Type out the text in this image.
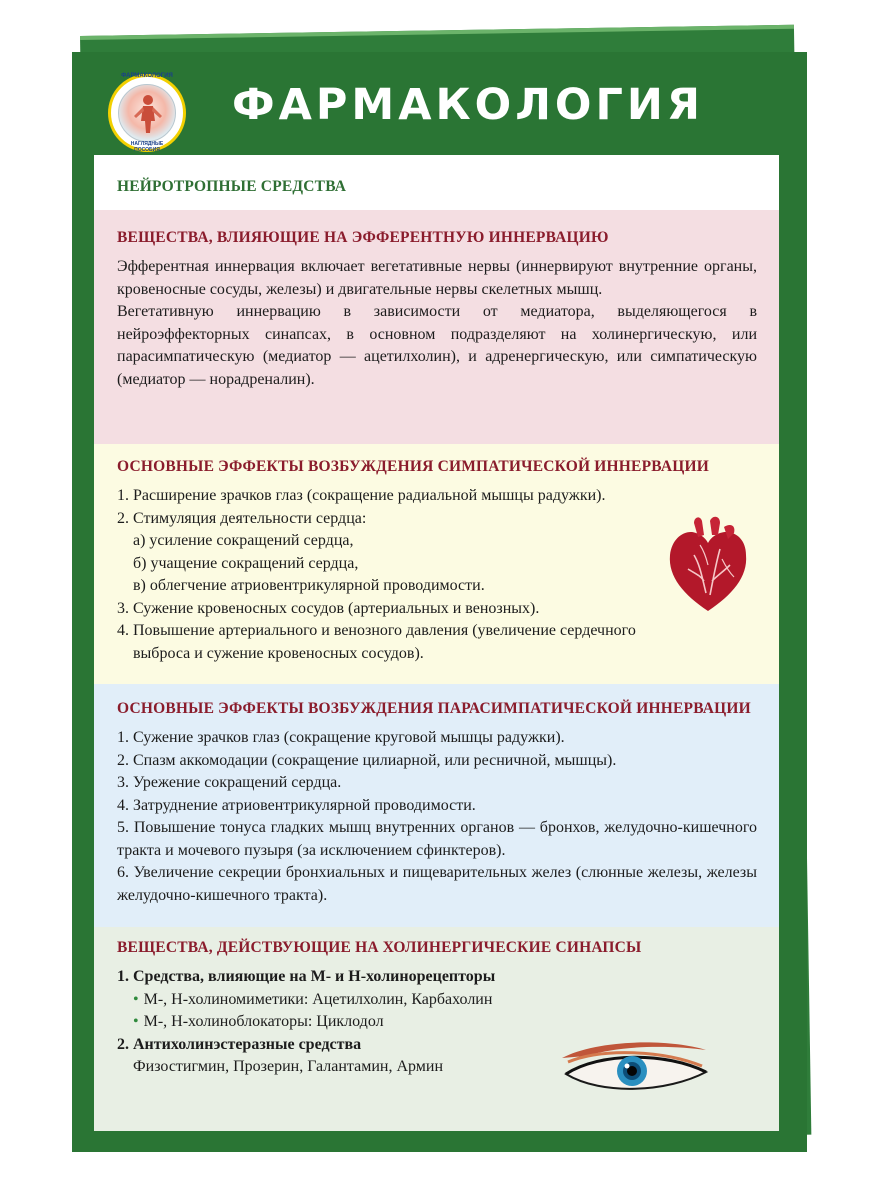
ФАРМАКОЛОГИЯ
НАГЛЯДНЫЕ ПОСОБИЯ
ФАРМАКОЛОГИЯ
НЕЙРОТРОПНЫЕ СРЕДСТВА
ВЕЩЕСТВА, ВЛИЯЮЩИЕ НА ЭФФЕРЕНТНУЮ ИННЕРВАЦИЮ

Эфферентная иннервация включает вегетативные нервы (иннервируют внутренние органы, кровеносные сосуды, железы) и двигательные нервы скелетных мышц.

Вегетативную иннервацию в зависимости от медиатора, выделяющегося в нейроэффекторных синапсах, в основном подразделяют на холинергическую, или парасимпатическую (медиатор — ацетилхолин), и адренергическую, или симпатическую (медиатор — норадреналин).

ОСНОВНЫЕ ЭФФЕКТЫ ВОЗБУЖДЕНИЯ СИМПАТИЧЕСКОЙ ИННЕРВАЦИИ

1. Расширение зрачков глаз (сокращение радиальной мышцы радужки).

2. Стимуляция деятельности сердца:

а) усиление сокращений сердца,

б) учащение сокращений сердца,

в) облегчение атриовентрикулярной проводимости.

3. Сужение кровеносных сосудов (артериальных и венозных).

4. Повышение артериального и венозного давления (увеличение сердечного

выброса и сужение кровеносных сосудов).

ОСНОВНЫЕ ЭФФЕКТЫ ВОЗБУЖДЕНИЯ ПАРАСИМПАТИЧЕСКОЙ ИННЕРВАЦИИ

1. Сужение зрачков глаз (сокращение круговой мышцы радужки).

2. Спазм аккомодации (сокращение цилиарной, или ресничной, мышцы).

3. Урежение сокращений сердца.

4. Затруднение атриовентрикулярной проводимости.

5. Повышение тонуса гладких мышц внутренних органов — бронхов, желудочно-кишечного тракта и мочевого пузыря (за исключением сфинктеров).

6. Увеличение секреции бронхиальных и пищеварительных желез (слюнные железы, железы желудочно-кишечного тракта).

ВЕЩЕСТВА, ДЕЙСТВУЮЩИЕ НА ХОЛИНЕРГИЧЕСКИЕ СИНАПСЫ

1. Средства, влияющие на М- и Н-холинорецепторы

• М-, Н-холиномиметики: Ацетилхолин, Карбахолин

• М-, Н-холиноблокаторы: Циклодол

2. Антихолинэстеразные средства

Физостигмин, Прозерин, Галантамин, Армин
